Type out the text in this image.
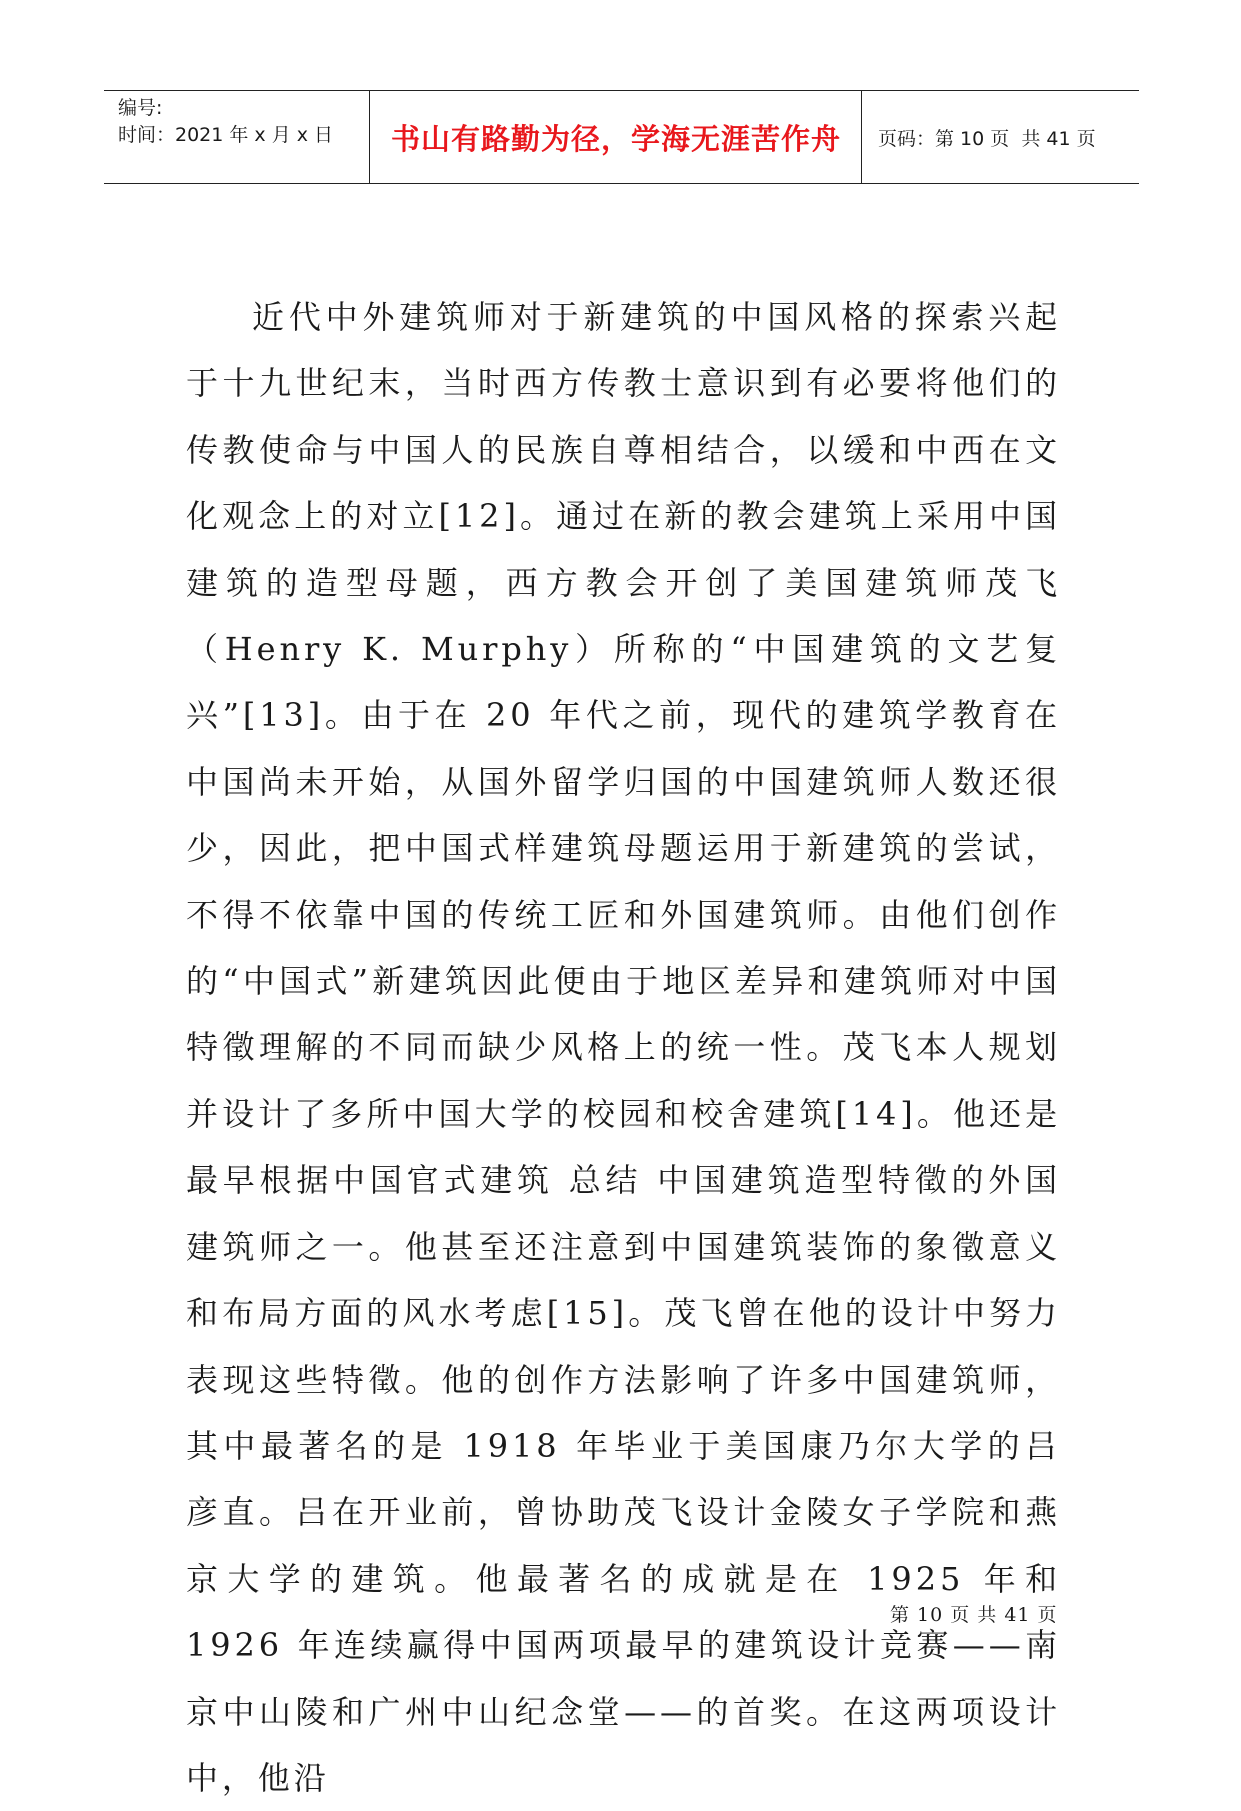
编号:
时间：2021 年 x 月 x 日 书山有路勤为径，学海无涯苦作舟	页码：第 10 页  共 41 页

近代中外建筑师对于新建筑的中国风格的探索兴起于十九世纪末，当时西方传教士意识到有必要将他们的传教使命与中国人的民族自尊相结合，以缓和中西在文化观念上的对立[12]。通过在新的教会建筑上采用中国建筑的造型母题，西方教会开创了美国建筑师茂飞（Henry K. Murphy）所称的“中国建筑的文艺复兴”[13]。由于在 20 年代之前，现代的建筑学教育在中国尚未开始，从国外留学归国的中国建筑师人数还很少，因此，把中国式样建筑母题运用于新建筑的尝试，不得不依靠中国的传统工匠和外国建筑师。由他们创作的“中国式”新建筑因此便由于地区差异和建筑师对中国特徵理解的不同而缺少风格上的统一性。茂飞本人规划并设计了多所中国大学的校园和校舍建筑[14]。他还是最早根据中国官式建筑 总结 中国建筑造型特徵的外国建筑师之一。他甚至还注意到中国建筑装饰的象徵意义和布局方面的风水考虑[15]。茂飞曾在他的设计中努力表现这些特徵。他的创作方法影响了许多中国建筑师，其中最著名的是 1918 年毕业于美国康乃尔大学的吕彦直。吕在开业前，曾协助茂飞设计金陵女子学院和燕京大学的建筑。他最著名的成就是在 1925 年和 1926 年连续赢得中国两项最早的建筑设计竞赛——南京中山陵和广州中山纪念堂——的首奖。在这两项设计中，他沿

第 10 页 共 41 页
